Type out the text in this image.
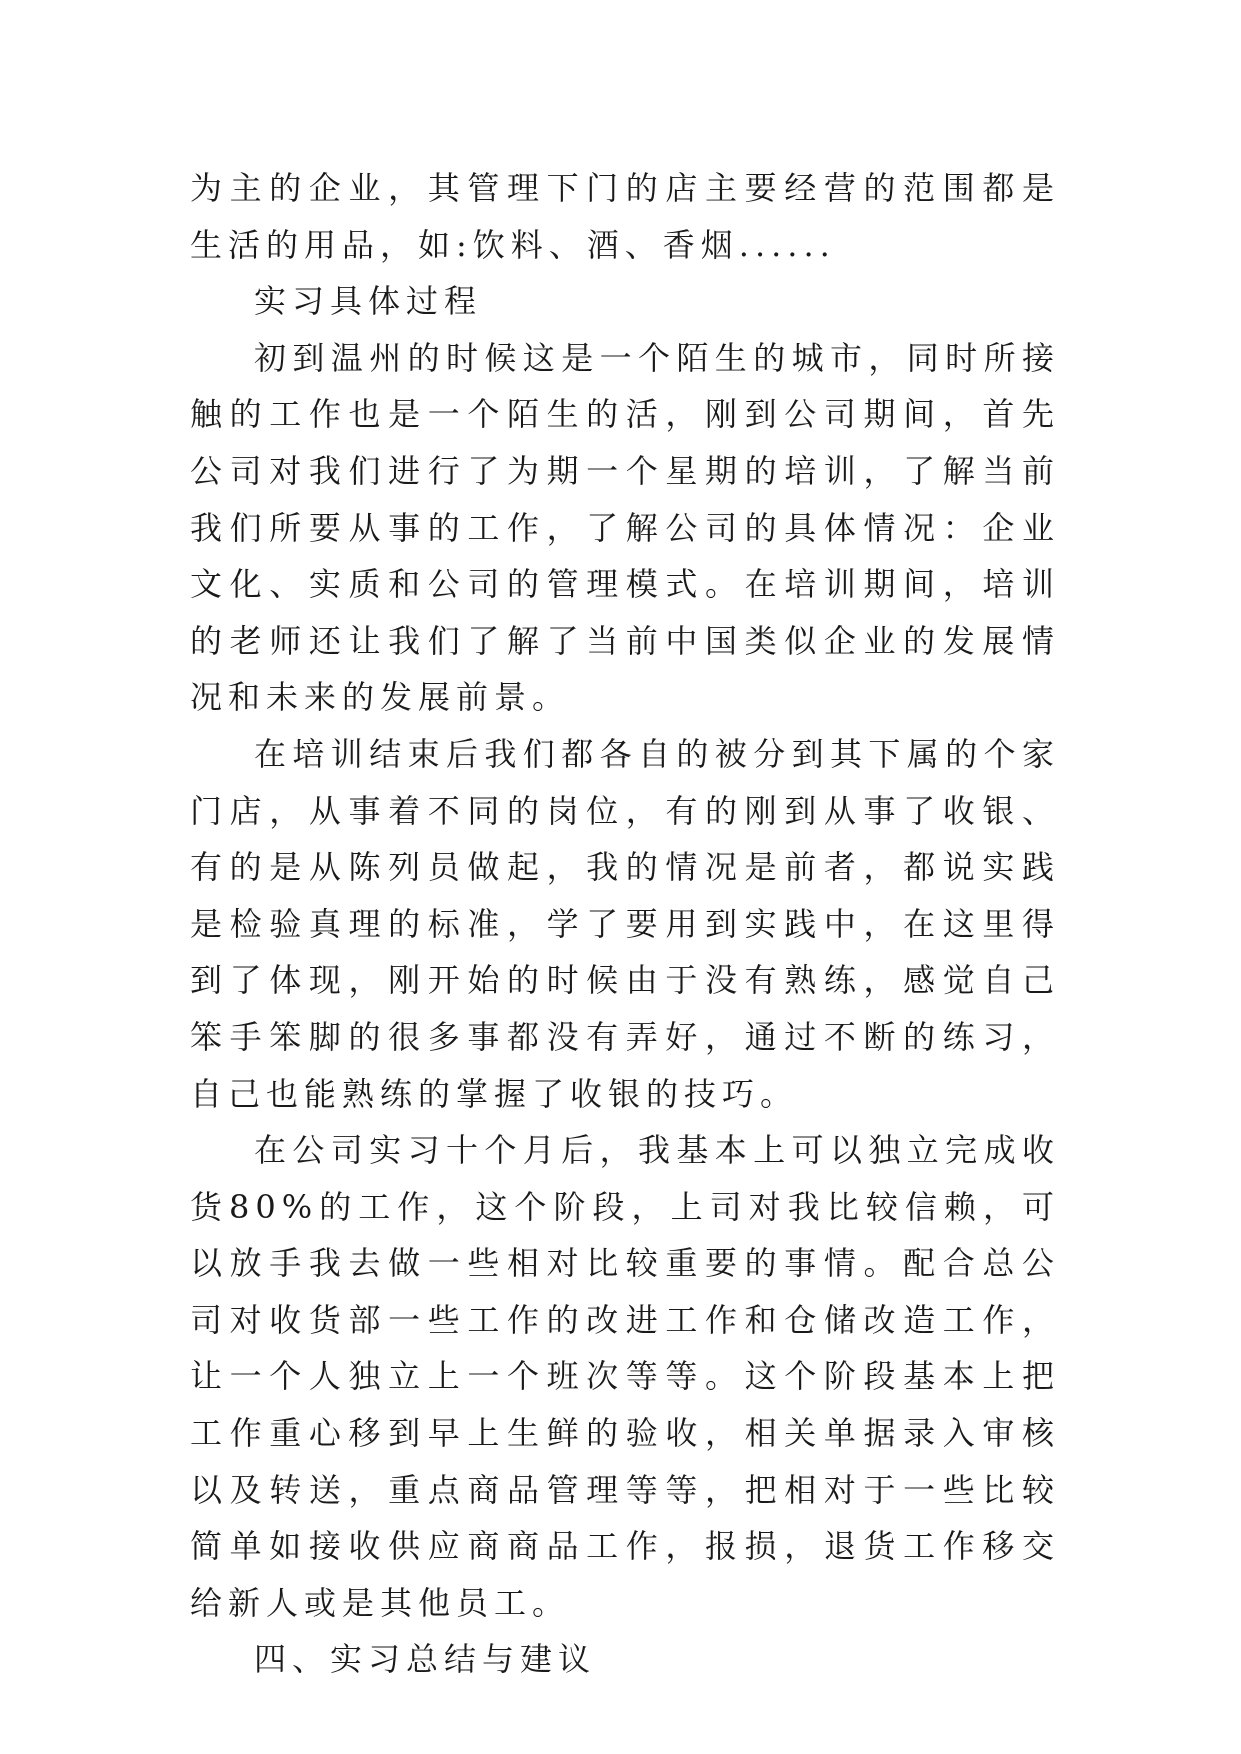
为主的企业，其管理下门的店主要经营的范围都是生活的用品，如:饮料、酒、香烟......

实习具体过程

初到温州的时候这是一个陌生的城市，同时所接触的工作也是一个陌生的活，刚到公司期间，首先公司对我们进行了为期一个星期的培训，了解当前我们所要从事的工作，了解公司的具体情况：企业文化、实质和公司的管理模式。在培训期间，培训的老师还让我们了解了当前中国类似企业的发展情况和未来的发展前景。

在培训结束后我们都各自的被分到其下属的个家门店，从事着不同的岗位，有的刚到从事了收银、有的是从陈列员做起，我的情况是前者，都说实践是检验真理的标准，学了要用到实践中，在这里得到了体现，刚开始的时候由于没有熟练，感觉自己笨手笨脚的很多事都没有弄好，通过不断的练习，自己也能熟练的掌握了收银的技巧。

在公司实习十个月后，我基本上可以独立完成收货80%的工作，这个阶段，上司对我比较信赖，可以放手我去做一些相对比较重要的事情。配合总公司对收货部一些工作的改进工作和仓储改造工作，让一个人独立上一个班次等等。这个阶段基本上把工作重心移到早上生鲜的验收，相关单据录入审核以及转送，重点商品管理等等，把相对于一些比较简单如接收供应商商品工作，报损，退货工作移交给新人或是其他员工。

四、实习总结与建议
